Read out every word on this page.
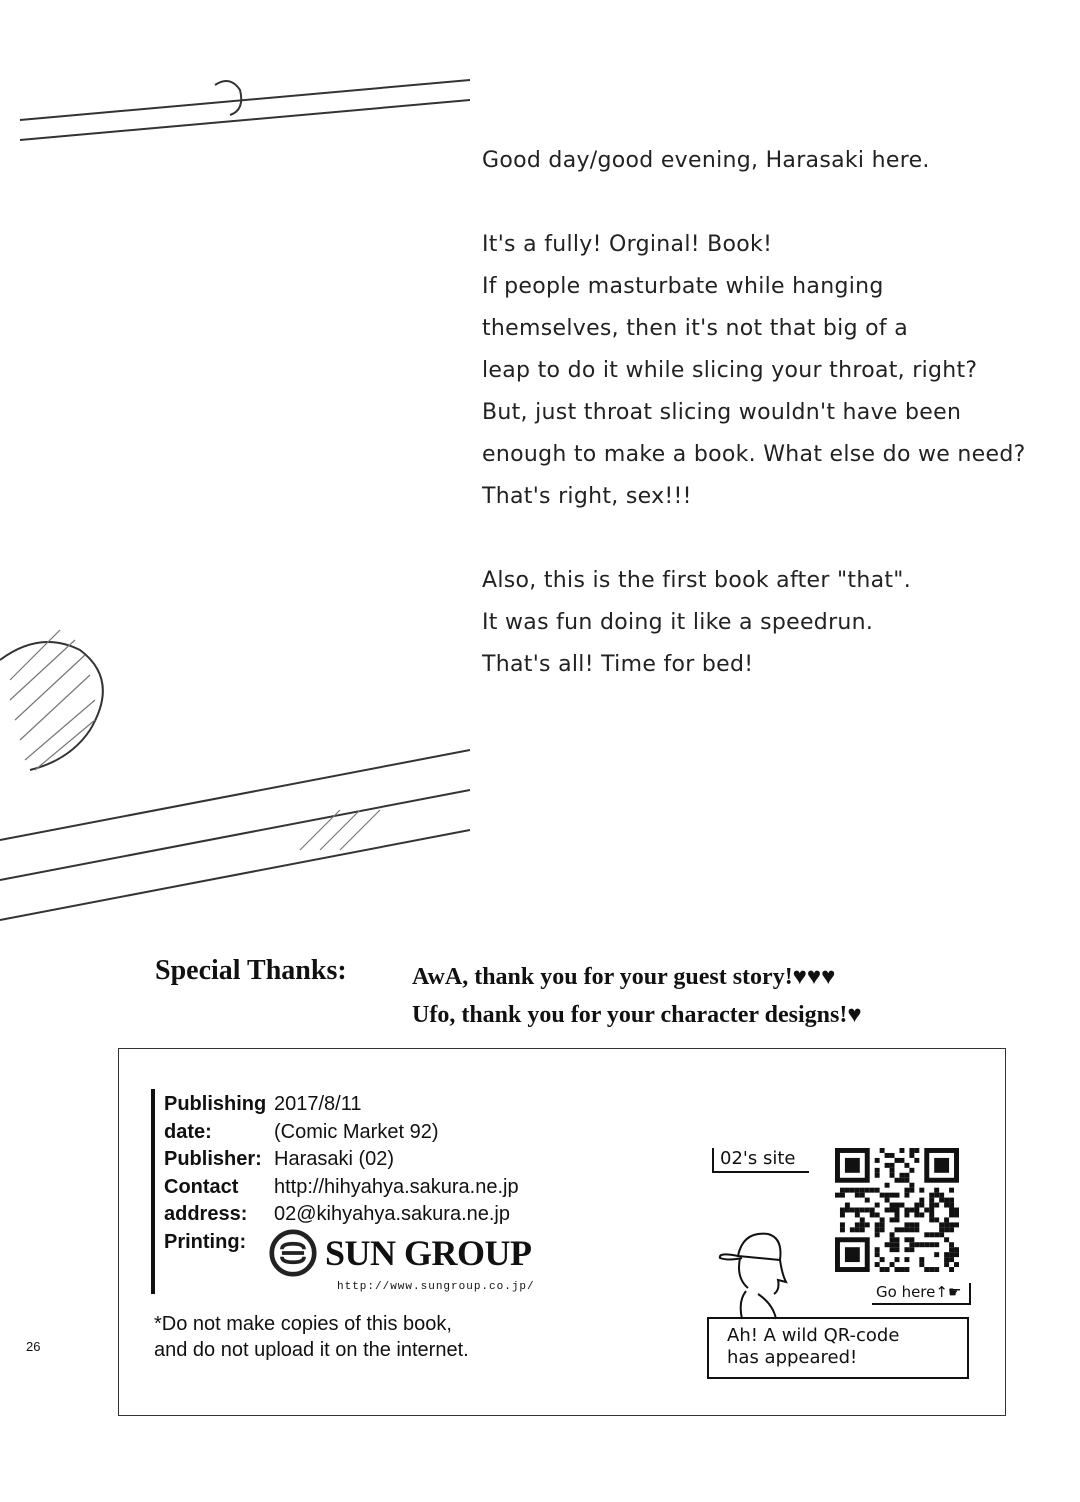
Good day/good evening, Harasaki here.

It's a fully! Orginal! Book!
If people masturbate while hanging
themselves, then it's not that big of a
leap to do it while slicing your throat, right?
But, just throat slicing wouldn't have been
enough to make a book. What else do we need?
That's right, sex!!!

Also, this is the first book after "that".
It was fun doing it like a speedrun.
That's all! Time for bed!

Special Thanks:	AwA, thank you for your guest story!♥♥♥
Ufo, thank you for your character designs!♥
Publishing 2017/8/11
date:	(Comic Market 92)
Publisher: Harasaki (02)
Contact	http://hihyahya.sakura.ne.jp
address:	02@kihyahya.sakura.ne.jp
Printing:	SUN GROUP
http://www.sungroup.co.jp/
*Do not make copies of this book,
and do not upload it on the internet.
26
02's site
Go here↑☛
Ah! A wild QR-code
has appeared!
